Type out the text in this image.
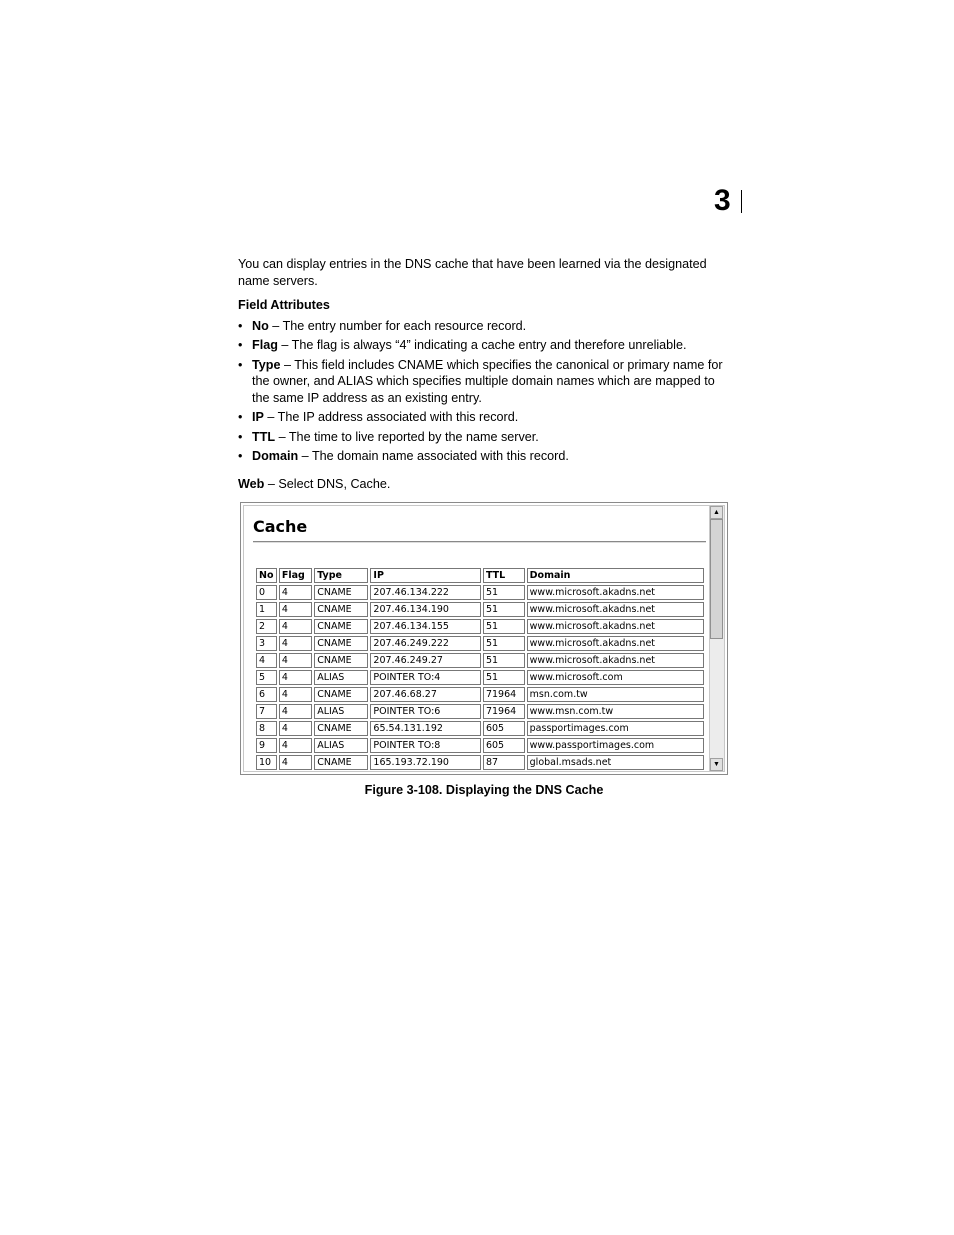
3

You can display entries in the DNS cache that have been learned via the designated name servers.

Field Attributes

• No – The entry number for each resource record.
• Flag – The flag is always “4” indicating a cache entry and therefore unreliable.
• Type – This field includes CNAME which specifies the canonical or primary name for the owner, and ALIAS which specifies multiple domain names which are mapped to the same IP address as an existing entry.
• IP – The IP address associated with this record.
• TTL – The time to live reported by the name server.
• Domain – The domain name associated with this record.

Web – Select DNS, Cache.

Cache
No	Flag	Type	IP	TTL	Domain
0	4	CNAME	207.46.134.222	51	www.microsoft.akadns.net
1	4	CNAME	207.46.134.190	51	www.microsoft.akadns.net
2	4	CNAME	207.46.134.155	51	www.microsoft.akadns.net
3	4	CNAME	207.46.249.222	51	www.microsoft.akadns.net
4	4	CNAME	207.46.249.27	51	www.microsoft.akadns.net
5	4	ALIAS	POINTER TO:4	51	www.microsoft.com
6	4	CNAME	207.46.68.27	71964	msn.com.tw
7	4	ALIAS	POINTER TO:6	71964	www.msn.com.tw
8	4	CNAME	65.54.131.192	605	passportimages.com
9	4	ALIAS	POINTER TO:8	605	www.passportimages.com
10	4	CNAME	165.193.72.190	87	global.msads.net
▲
▼
Figure 3-108. Displaying the DNS Cache
